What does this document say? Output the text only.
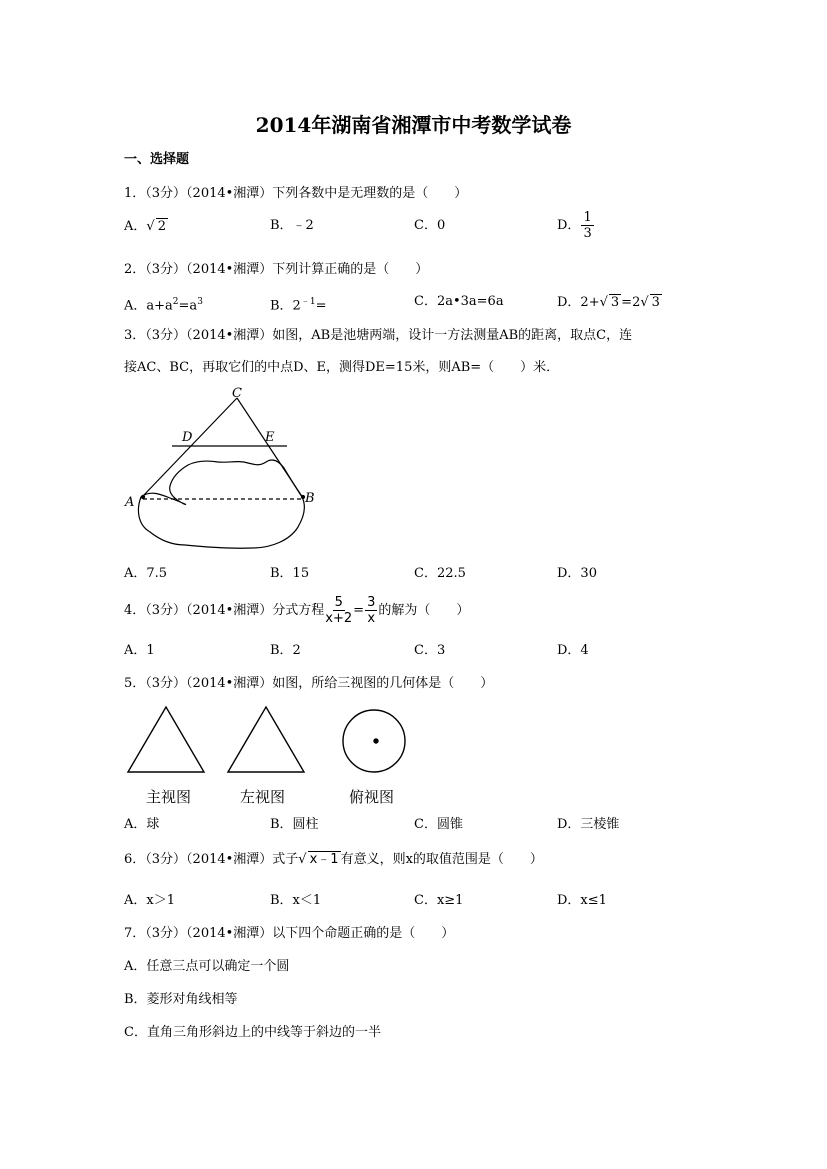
2014年湖南省湘潭市中考数学试卷
一、选择题
1．（3分）（2014•湘潭）下列各数中是无理数的是（　　）
A．√ 2	B．﹣2	C．0	D． $\frac{1}{3}$
2．（3分）（2014•湘潭）下列计算正确的是（　　）
A．$a+a^2=a^3$	B．$2^{﹣1}=$	C．2a•3a=6a	D．2+√ 3 =2√ 3
3．（3分）（2014•湘潭）如图，AB是池塘两端，设计一方法测量AB的距离，取点C，连
接AC、BC，再取它们的中点D、E，测得DE=15米，则AB=（　　）米．
C
D	E
A	B
A．7.5	B．15	C．22.5	D．30
4．（3分）（2014•湘潭）分式方程 $\frac{5}{x+2} = \frac{3}{x}$ 的解为（　　）
A．1	B．2	C．3	D．4
5．（3分）（2014•湘潭）如图，所给三视图的几何体是（　　）
主视图	左视图	俯视图
A．球	B．圆柱	C．圆锥	D．三棱锥
6．（3分）（2014•湘潭）式子√ x﹣1 有意义，则x的取值范围是（　　）
A．x＞1	B．x＜1	C．x≥1	D．x≤1
7．（3分）（2014•湘潭）以下四个命题正确的是（　　）
A．任意三点可以确定一个圆
B．菱形对角线相等
C．直角三角形斜边上的中线等于斜边的一半
